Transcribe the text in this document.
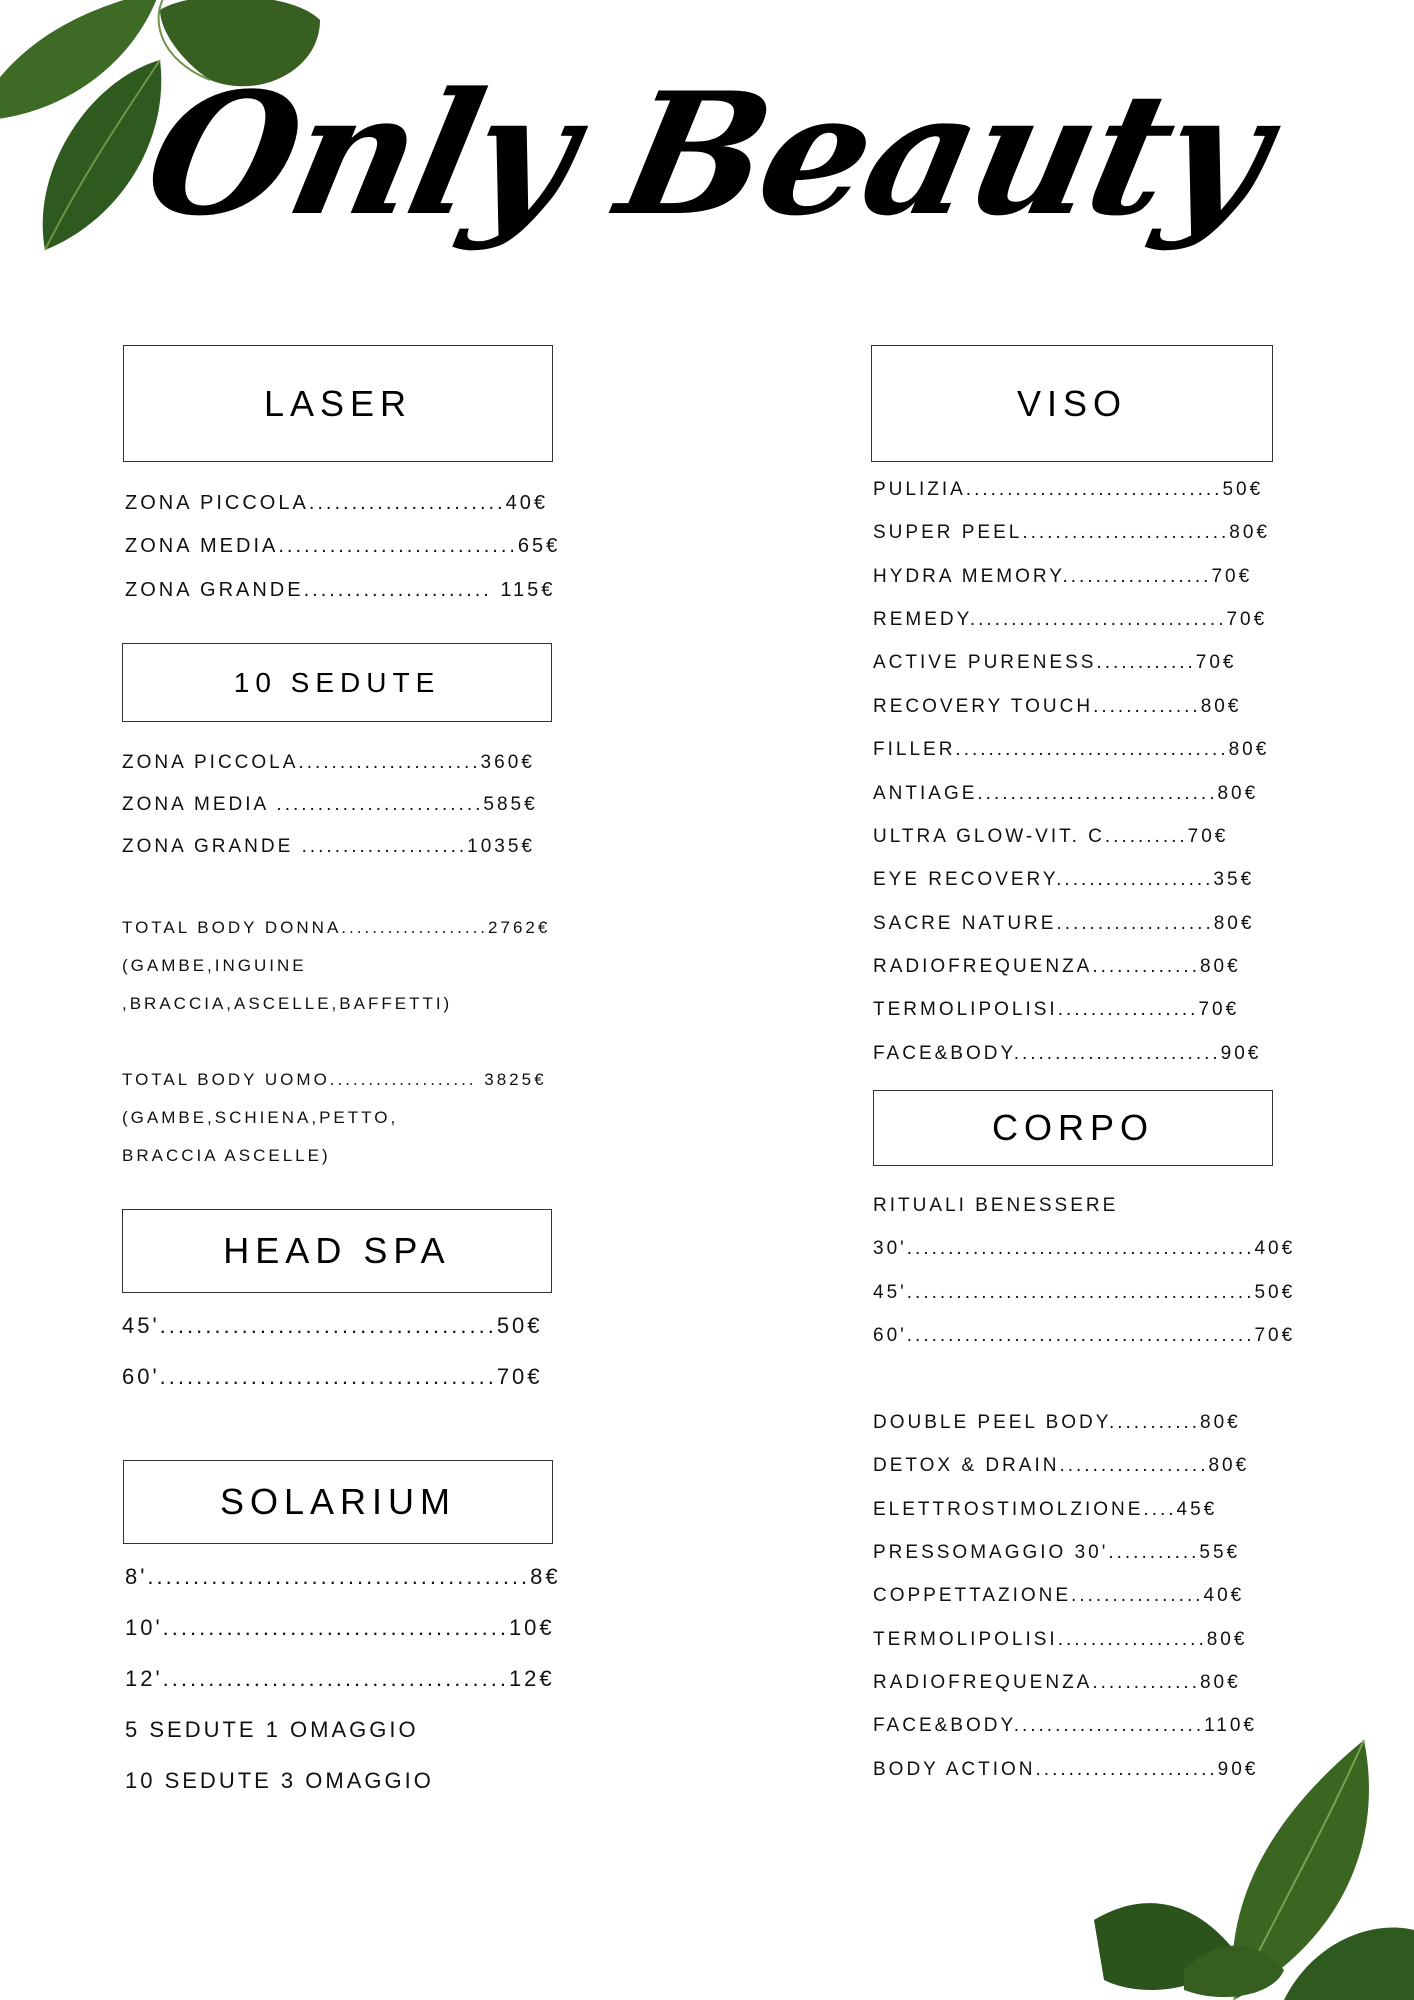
Only Beauty
LASER
ZONA PICCOLA.......................40€
ZONA MEDIA............................65€
ZONA GRANDE...................... 115€
10 SEDUTE
ZONA PICCOLA......................360€
ZONA MEDIA .........................585€
ZONA GRANDE ....................1035€
TOTAL BODY DONNA...................2762€
(GAMBE,INGUINE
,BRACCIA,ASCELLE,BAFFETTI)
TOTAL BODY UOMO................... 3825€
(GAMBE,SCHIENA,PETTO,
BRACCIA ASCELLE)
HEAD SPA
45'.....................................50€
60'.....................................70€
SOLARIUM
8'..........................................8€
10'......................................10€
12'......................................12€
5 SEDUTE 1 OMAGGIO
10 SEDUTE 3 OMAGGIO
VISO
PULIZIA...............................50€
SUPER PEEL.........................80€
HYDRA MEMORY..................70€
REMEDY...............................70€
ACTIVE PURENESS............70€
RECOVERY TOUCH.............80€
FILLER.................................80€
ANTIAGE.............................80€
ULTRA GLOW-VIT. C..........70€
EYE RECOVERY...................35€
SACRE NATURE...................80€
RADIOFREQUENZA.............80€
TERMOLIPOLISI.................70€
FACE&BODY.........................90€
CORPO
RITUALI BENESSERE
30'..........................................40€
45'..........................................50€
60'..........................................70€
DOUBLE PEEL BODY...........80€
DETOX & DRAIN..................80€
ELETTROSTIMOLZIONE....45€
PRESSOMAGGIO 30'...........55€
COPPETTAZIONE................40€
TERMOLIPOLISI..................80€
RADIOFREQUENZA.............80€
FACE&BODY.......................110€
BODY ACTION......................90€
